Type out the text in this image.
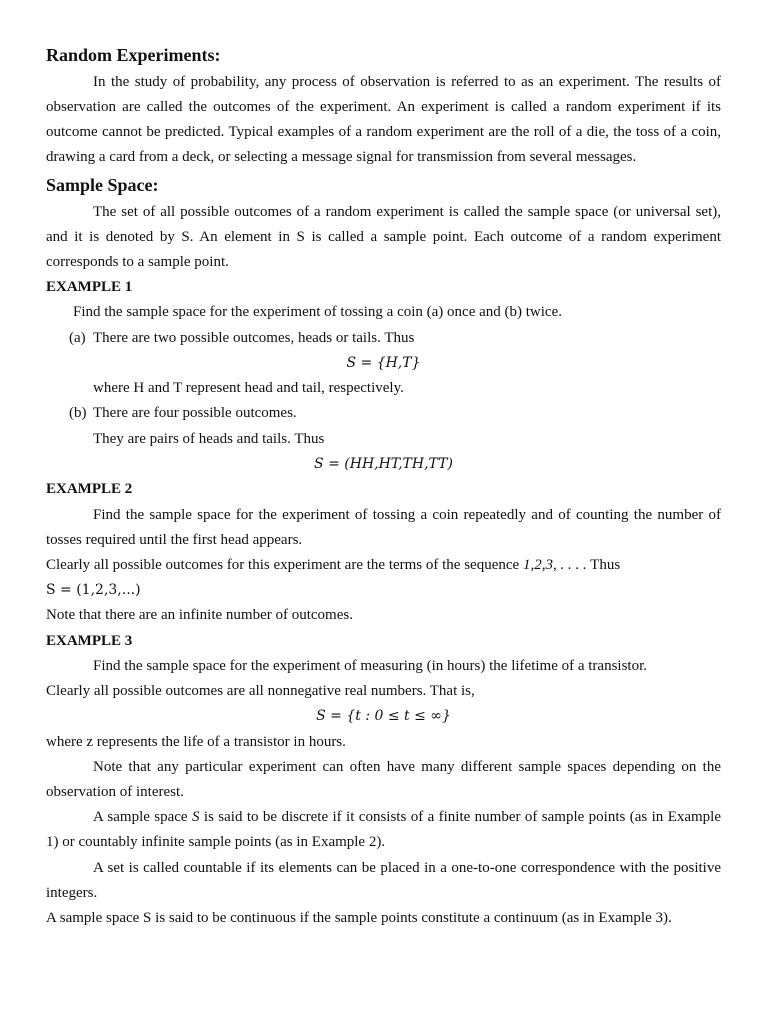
Random Experiments:
In the study of probability, any process of observation is referred to as an experiment. The results of
observation are called the outcomes of the experiment. An experiment is called a random experiment if its
outcome cannot be predicted. Typical examples of a random experiment are the roll of a die, the toss of a coin,
drawing a card from a deck, or selecting a message signal for transmission from several messages.
Sample Space:
The set of all possible outcomes of a random experiment is called the sample space (or universal set),
and it is denoted by S. An element in S is called a sample point. Each outcome of a random experiment
corresponds to a sample point.
EXAMPLE 1
Find the sample space for the experiment of tossing a coin (a) once and (b) twice.
(a) There are two possible outcomes, heads or tails. Thus
S = {H,T}
where H and T represent head and tail, respectively.
(b) There are four possible outcomes.
They are pairs of heads and tails. Thus
S = (HH,HT,TH,TT)
EXAMPLE 2
Find the sample space for the experiment of tossing a coin repeatedly and of counting the number of
tosses required until the first head appears.
Clearly all possible outcomes for this experiment are the terms of the sequence 1,2,3, . . . . Thus
S = (1,2,3,...)
Note that there are an infinite number of outcomes.
EXAMPLE 3
Find the sample space for the experiment of measuring (in hours) the lifetime of a transistor.
Clearly all possible outcomes are all nonnegative real numbers. That is,
S = {t : 0 ≤ t ≤ ∞}
where z represents the life of a transistor in hours.
Note that any particular experiment can often have many different sample spaces depending on the
observation of interest.
A sample space S is said to be discrete if it consists of a finite number of sample points (as in Example
1) or countably infinite sample points (as in Example 2).
A set is called countable if its elements can be placed in a one-to-one correspondence with the positive
integers.
A sample space S is said to be continuous if the sample points constitute a continuum (as in Example 3).
